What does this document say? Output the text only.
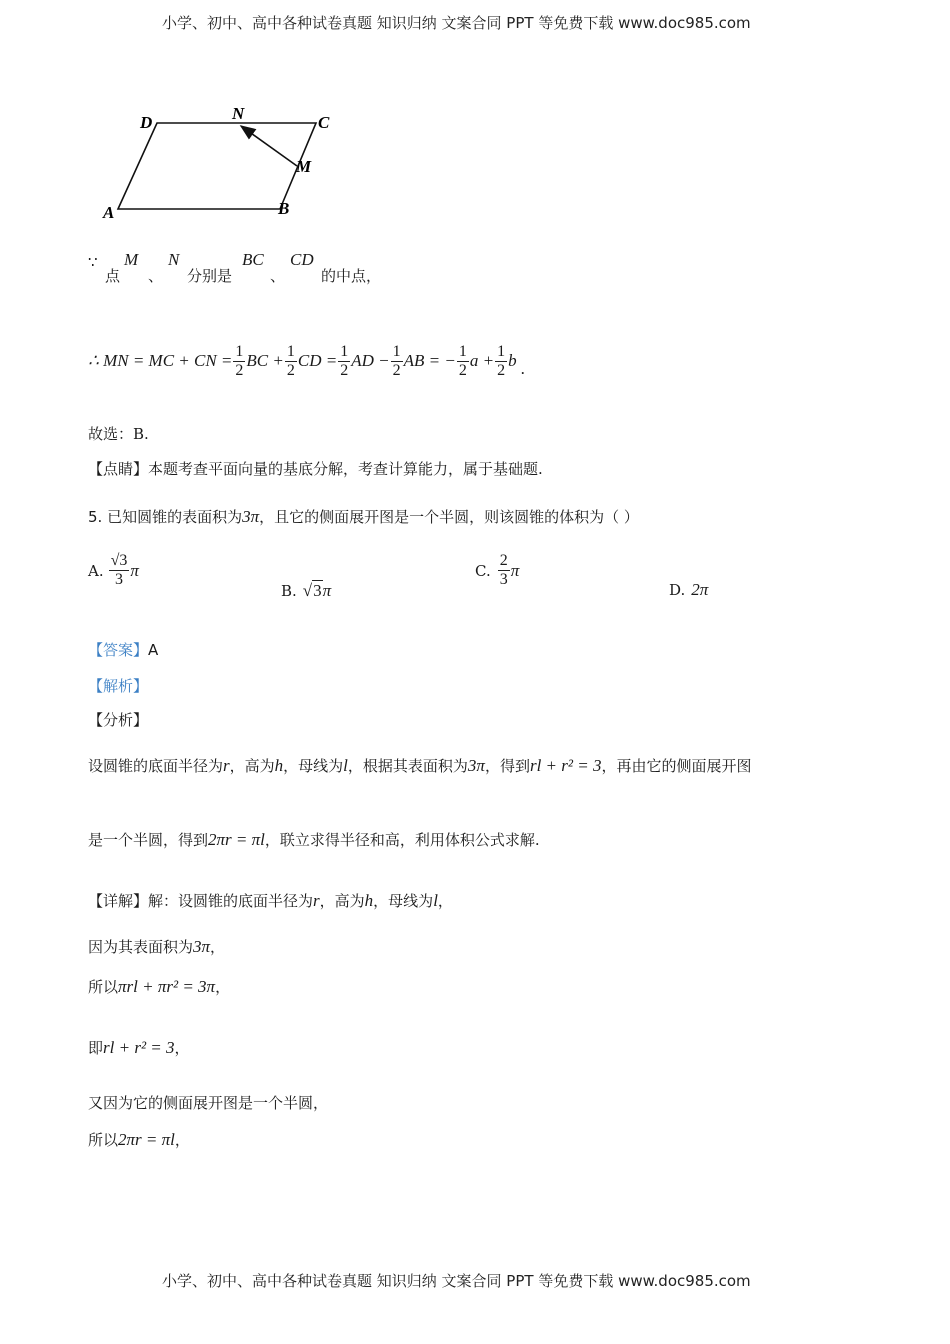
小学、初中、高中各种试卷真题 知识归纳 文案合同 PPT 等免费下载 www.doc985.com
A	B
C
D
M
N
∵
点
M
、
N
分别是
BC
、
CD
的中点，
∴ MN = MC + CN = $\frac{1}{2}$ BC + $\frac{1}{2}$ CD = $\frac{1}{2}$ AD − $\frac{1}{2}$ AB = − $\frac{1}{2}$ $a + \frac{1}{2}$ b .
故选：B.
【点睛】本题考查平面向量的基底分解，考查计算能力，属于基础题.
5. 已知圆锥的表面积为3π，且它的侧面展开图是一个半圆，则该圆锥的体积为（ ）
A. $\frac{√3}{3}$ π
B. √ 3 π
C. $\frac{2}{3}$ π
D. 2π
【答案】A
【解析】
【分析】
设圆锥的底面半径为r，高为h，母线为l，根据其表面积为3π，得到rl + r² = 3，再由它的侧面展开图
是一个半圆，得到2πr = πl，联立求得半径和高，利用体积公式求解.
【详解】解：设圆锥的底面半径为r，高为h，母线为l，
因为其表面积为3π，
所以πrl + πr² = 3π，
即rl + r² = 3，
又因为它的侧面展开图是一个半圆，
所以2πr = πl，
小学、初中、高中各种试卷真题 知识归纳 文案合同 PPT 等免费下载 www.doc985.com
